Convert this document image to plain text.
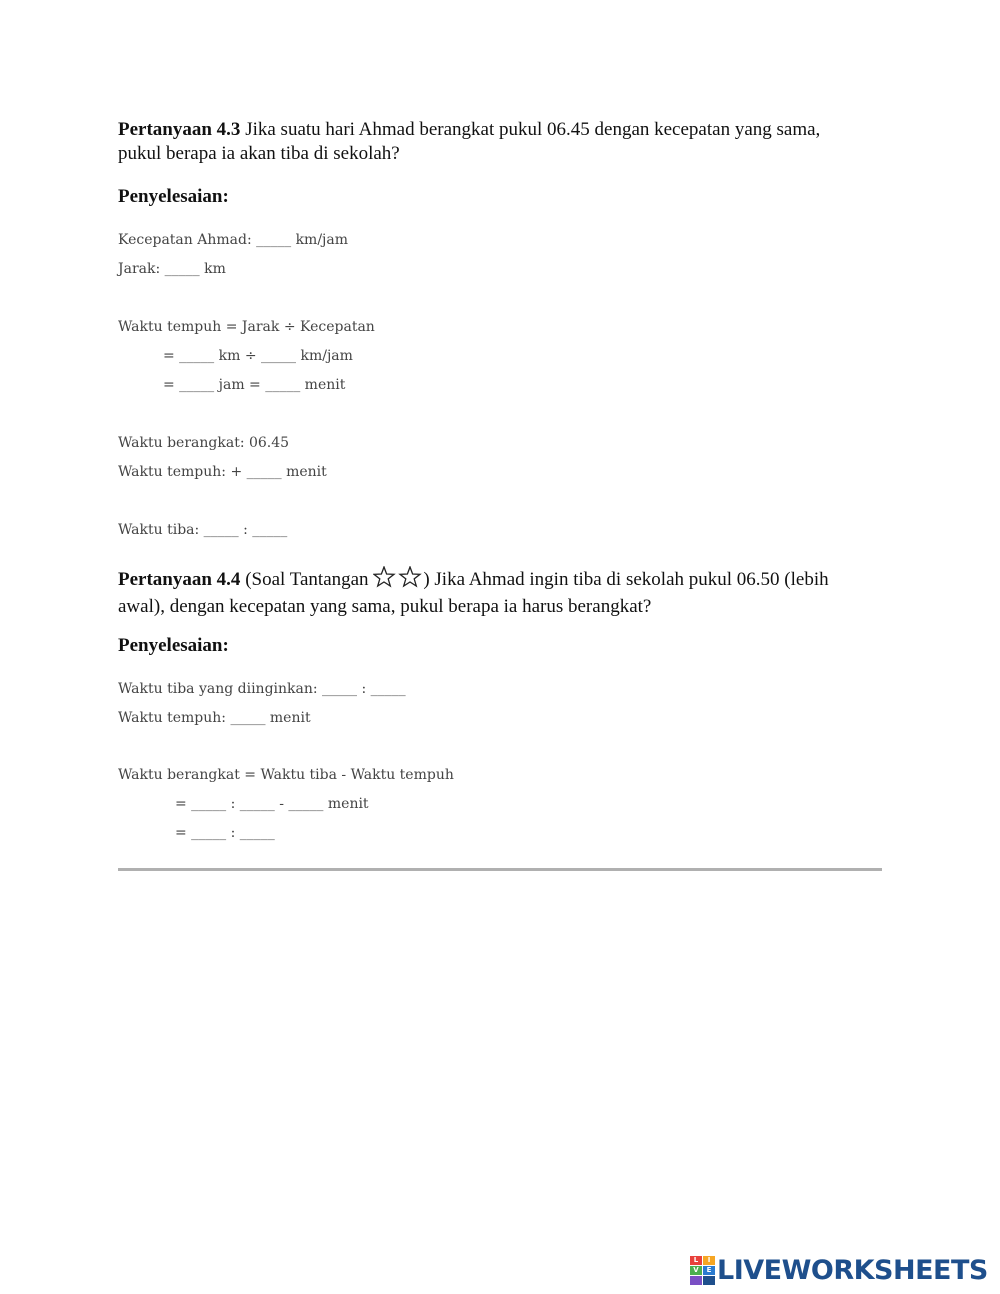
Pertanyaan 4.3 Jika suatu hari Ahmad berangkat pukul 06.45 dengan kecepatan yang sama,
pukul berapa ia akan tiba di sekolah?
Penyelesaian:
Kecepatan Ahmad: _____ km/jam
Jarak: _____ km
Waktu tempuh = Jarak ÷ Kecepatan
= _____ km ÷ _____ km/jam
= _____ jam = _____ menit
Waktu berangkat: 06.45
Waktu tempuh: + _____ menit
Waktu tiba: _____ : _____
Pertanyaan 4.4 (Soal Tantangan	) Jika Ahmad ingin tiba di sekolah pukul 06.50 (lebih
awal), dengan kecepatan yang sama, pukul berapa ia harus berangkat?
Penyelesaian:
Waktu tiba yang diinginkan: _____ : _____
Waktu tempuh: _____ menit
Waktu berangkat = Waktu tiba - Waktu tempuh
= _____ : _____ - _____ menit
= _____ : _____
L	I
V	E LIVEWORKSHEETS
